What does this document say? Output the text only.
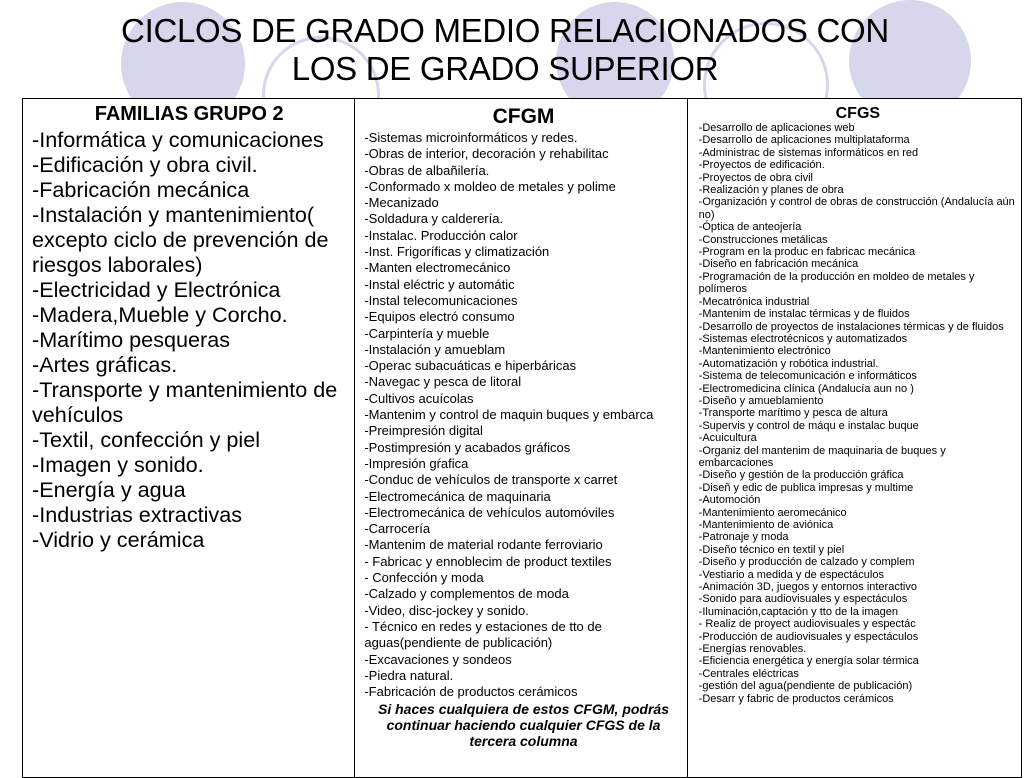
CICLOS DE GRADO MEDIO RELACIONADOS CON
LOS DE GRADO SUPERIOR
FAMILIAS GRUPO 2
-Informática y comunicaciones
-Edificación y obra civil.
-Fabricación mecánica
-Instalación y mantenimiento( excepto ciclo de prevención de riesgos laborales)
-Electricidad y Electrónica
-Madera,Mueble y Corcho.
-Marítimo pesqueras
-Artes gráficas.
-Transporte y mantenimiento de vehículos
-Textil, confección y piel
-Imagen y sonido.
-Energía y agua
-Industrias extractivas
-Vidrio y cerámica
CFGM
-Sistemas microinformáticos y redes.
-Obras de interior, decoración y rehabilitac
-Obras de albañilería.
-Conformado x moldeo de metales y polime
-Mecanizado
-Soldadura y calderería.
-Instalac. Producción calor
-Inst. Frigoríficas y climatización
-Manten electromecánico
-Instal eléctric y automátic
-Instal telecomunicaciones
-Equipos electró consumo
-Carpintería y mueble
-Instalación y amueblam
-Operac subacuáticas e hiperbáricas
-Navegac y pesca de litoral
-Cultivos acuícolas
-Mantenim y control de maquin buques y embarca
-Preimpresión digital
-Postimpresión y acabados gráficos
-Impresión gŕafica
-Conduc de vehículos de transporte x carret
-Electromecánica de maquinaria
-Electromecánica de vehículos automóviles
-Carrocería
-Mantenim de material rodante ferroviario
- Fabricac y ennoblecim de product textiles
- Confección y moda
-Calzado y complementos de moda
-Video, disc-jockey y sonido.
- Técnico en redes y estaciones de tto de aguas(pendiente de publicación)
-Excavaciones y sondeos
-Piedra natural.
-Fabricación de productos cerámicos
Si haces cualquiera de estos CFGM, podrás continuar haciendo cualquier CFGS de la tercera columna
CFGS
-Desarrollo de aplicaciones web
-Desarrollo de aplicaciones multiplataforma
-Administrac de sistemas informáticos en red
-Proyectos de edificación.
-Proyectos de obra civil
-Realización y planes de obra
-Organización y control de obras de construcción (Andalucía aún no)
-Óptica de anteojería
-Construcciones metálicas
-Program en la produc en fabricac mecánica
-Diseño en fabricación mecánica
-Programación de la producción en moldeo de metales y polímeros
-Mecatrónica industrial
-Mantenim de instalac térmicas y de fluidos
-Desarrollo de proyectos de instalaciones térmicas y de fluidos
-Sistemas electrotécnicos y automatizados
-Mantenimiento electrónico
-Automatización y robótica industrial.
-Sistema de telecomunicación e informáticos
-Electromedicina clínica (Andalucía aun no )
-Diseño y amueblamiento
-Transporte marítimo y pesca de altura
-Supervis y control de máqu e instalac buque
-Acuicultura
-Organiz del mantenim de maquinaria de buques y embarcaciones
-Diseño y gestión de la producción gráfica
-Diseñ y edic de publica impresas y multime
-Automoción
-Mantenimiento aeromecánico
-Mantenimiento de aviónica
-Patronaje y moda
-Diseño técnico en textil y piel
-Diseño y producción de calzado y complem
-Vestiario a medida y de espectáculos
-Animación 3D, juegos y entornos interactivo
-Sonido para audiovisuales y espectáculos
-Iluminación,captación y tto de la imagen
- Realiz de proyect audiovisuales y espectác
-Producción de audiovisuales y espectáculos
-Energías renovables.
-Eficiencia energética y energía solar térmica
-Centrales eléctricas
-gestión del agua(pendiente de publicación)
-Desarr y fabric de productos cerámicos
